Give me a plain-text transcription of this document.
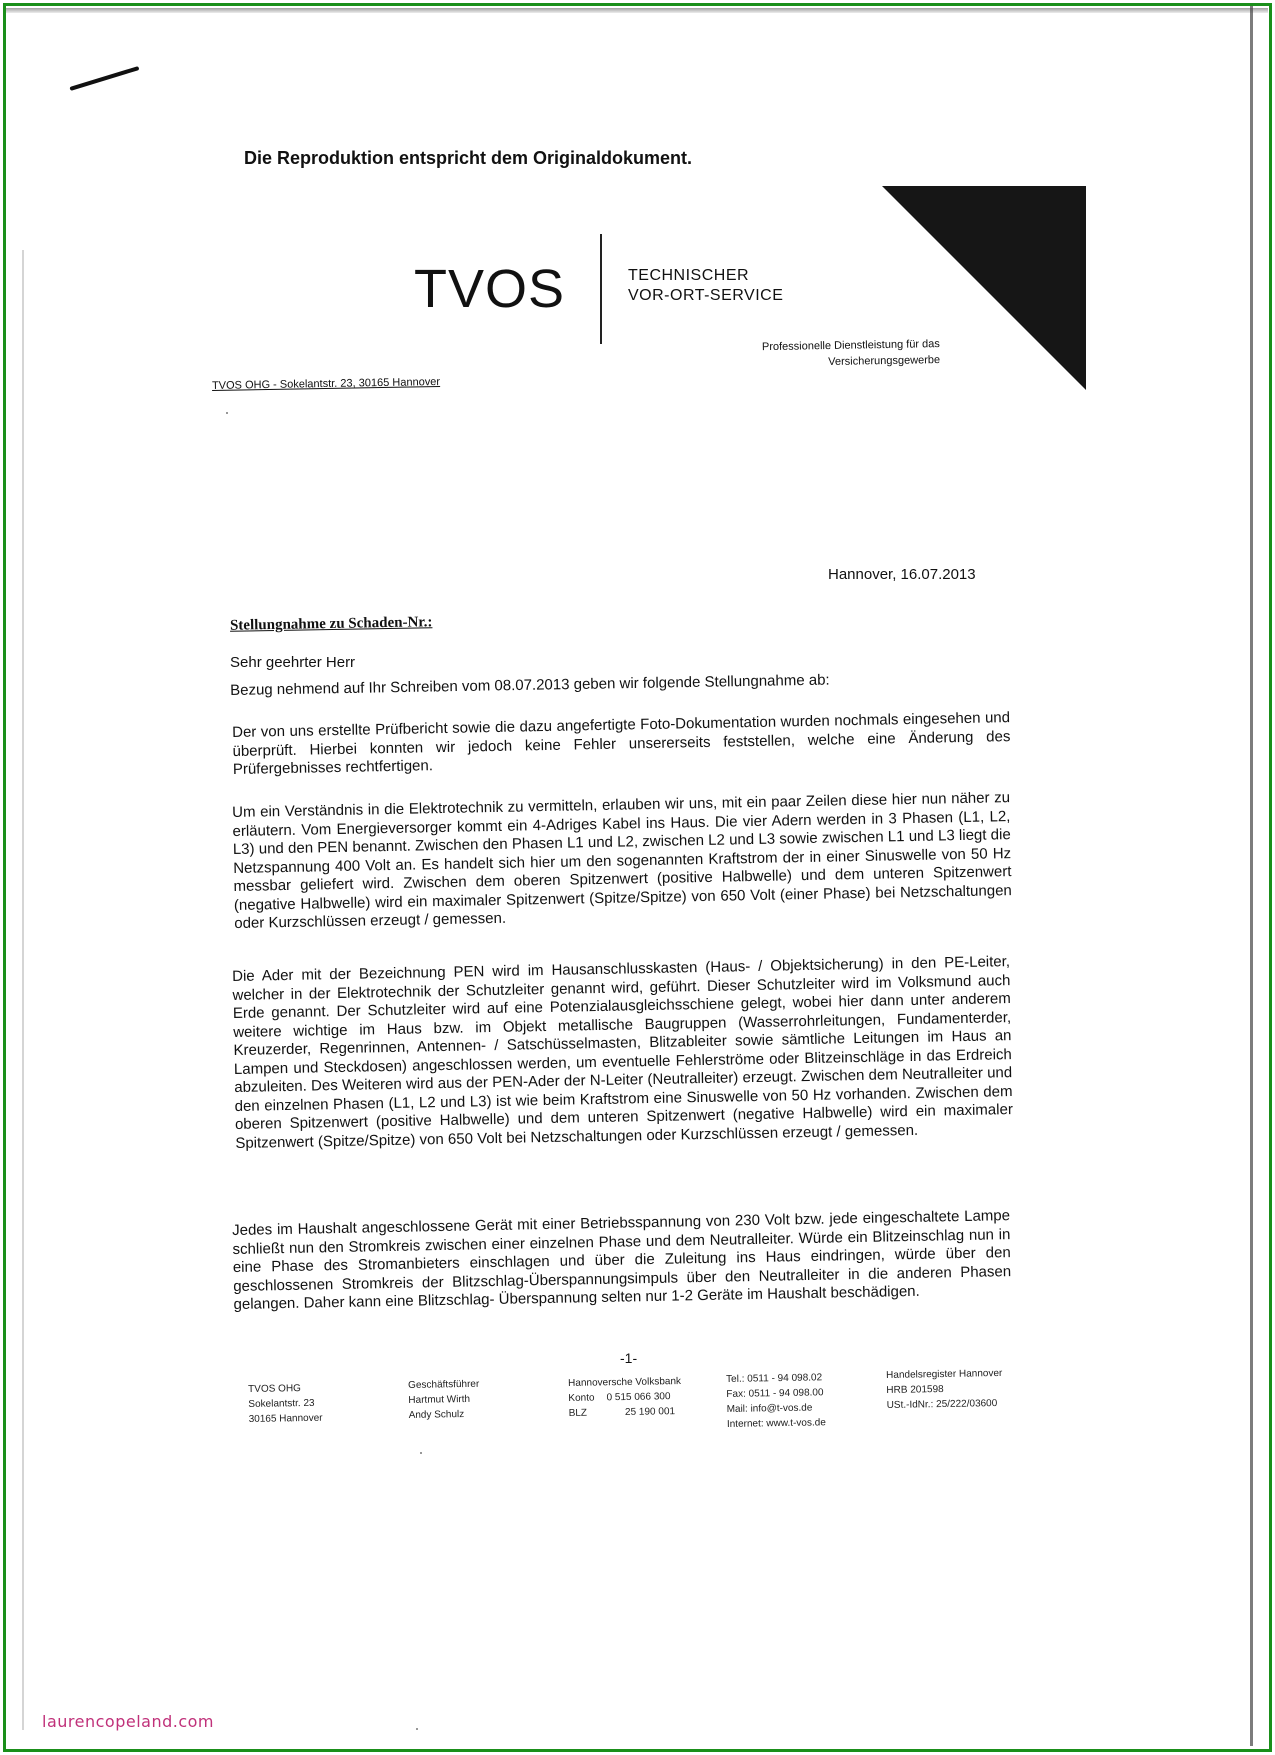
Die Reproduktion entspricht dem Originaldokument.
TVOS	TECHNISCHER
VOR-ORT-SERVICE
Professionelle Dienstleistung für das
Versicherungsgewerbe
TVOS OHG - Sokelantstr. 23, 30165 Hannover
Hannover, 16.07.2013
Stellungnahme zu Schaden-Nr.:
Sehr geehrter Herr
Bezug nehmend auf Ihr Schreiben vom 08.07.2013 geben wir folgende Stellungnahme ab:

Der von uns erstellte Prüfbericht sowie die dazu angefertigte Foto-Dokumentation wurden nochmals eingesehen und überprüft. Hierbei konnten wir jedoch keine Fehler unsererseits feststellen, welche eine Änderung des Prüfergebnisses rechtfertigen.

Um ein Verständnis in die Elektrotechnik zu vermitteln, erlauben wir uns, mit ein paar Zeilen diese hier nun näher zu erläutern. Vom Energieversorger kommt ein 4-Adriges Kabel ins Haus. Die vier Adern werden in 3 Phasen (L1, L2, L3) und den PEN benannt. Zwischen den Phasen L1 und L2, zwischen L2 und L3 sowie zwischen L1 und L3 liegt die Netzspannung 400 Volt an. Es handelt sich hier um den sogenannten Kraftstrom der in einer Sinuswelle von 50 Hz messbar geliefert wird. Zwischen dem oberen Spitzenwert (positive Halbwelle) und dem unteren Spitzenwert (negative Halbwelle) wird ein maximaler Spitzenwert (Spitze/Spitze) von 650 Volt (einer Phase) bei Netzschaltungen oder Kurzschlüssen erzeugt / gemessen.

Die Ader mit der Bezeichnung PEN wird im Hausanschlusskasten (Haus- / Objektsicherung) in den PE-Leiter, welcher in der Elektrotechnik der Schutzleiter genannt wird, geführt. Dieser Schutzleiter wird im Volksmund auch Erde genannt. Der Schutzleiter wird auf eine Potenzialausgleichsschiene gelegt, wobei hier dann unter anderem weitere wichtige im Haus bzw. im Objekt metallische Baugruppen (Wasserrohrleitungen, Fundamenterder, Kreuzerder, Regenrinnen, Antennen- / Satschüsselmasten, Blitzableiter sowie sämtliche Leitungen im Haus an Lampen und Steckdosen) angeschlossen werden, um eventuelle Fehlerströme oder Blitzeinschläge in das Erdreich abzuleiten. Des Weiteren wird aus der PEN-Ader der N-Leiter (Neutralleiter) erzeugt. Zwischen dem Neutralleiter und den einzelnen Phasen (L1, L2 und L3) ist wie beim Kraftstrom eine Sinuswelle von 50 Hz vorhanden. Zwischen dem oberen Spitzenwert (positive Halbwelle) und dem unteren Spitzenwert (negative Halbwelle) wird ein maximaler Spitzenwert (Spitze/Spitze) von 650 Volt bei Netzschaltungen oder Kurzschlüssen erzeugt / gemessen.

Jedes im Haushalt angeschlossene Gerät mit einer Betriebsspannung von 230 Volt bzw. jede eingeschaltete Lampe schließt nun den Stromkreis zwischen einer einzelnen Phase und dem Neutralleiter. Würde ein Blitzeinschlag nun in eine Phase des Stromanbieters einschlagen und über die Zuleitung ins Haus eindringen, würde über den geschlossenen Stromkreis der Blitzschlag-Überspannungsimpuls über den Neutralleiter in die anderen Phasen gelangen. Daher kann eine Blitzschlag- Überspannung selten nur 1-2 Geräte im Haushalt beschädigen.

-1-
TVOS OHG
Sokelantstr. 23
30165 Hannover
Geschäftsführer
Hartmut Wirth
Andy Schulz
Hannoversche Volksbank
Konto 0 515 066 300
BLZ	25 190 001
Tel.: 0511 - 94 098.02
Fax: 0511 - 94 098.00
Mail: info@t-vos.de
Internet: www.t-vos.de
Handelsregister Hannover
HRB 201598
USt.-IdNr.: 25/222/03600
laurencopeland.com
